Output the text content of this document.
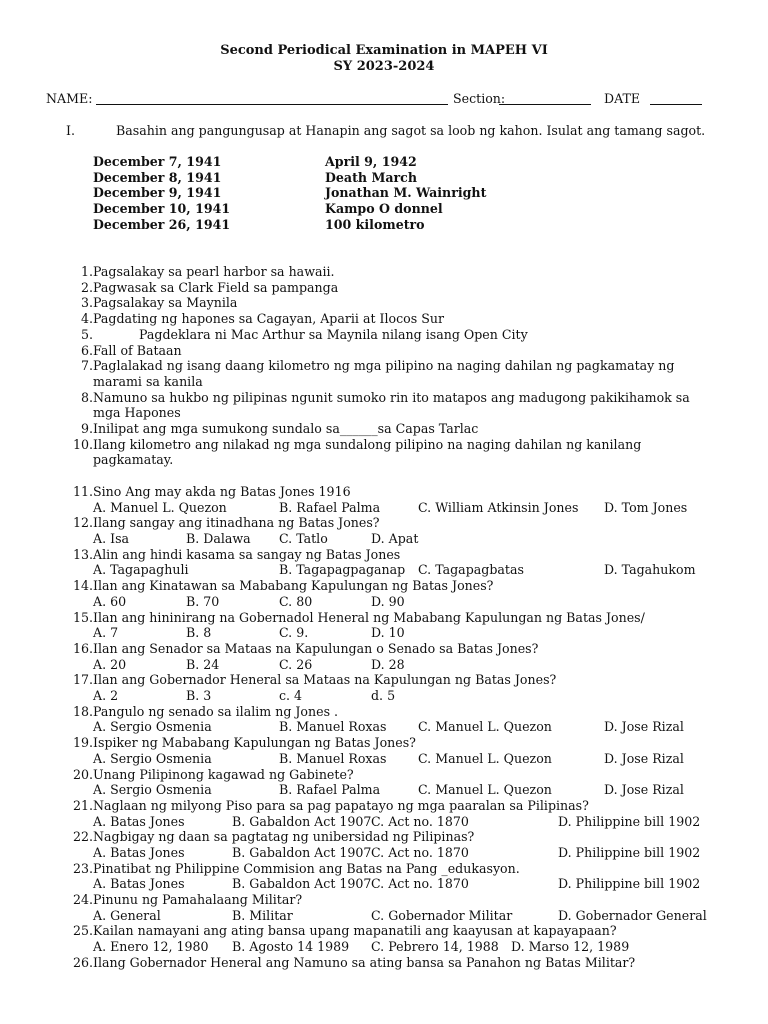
Second Periodical Examination in MAPEH VI
SY 2023-2024
NAME:	Section:	DATE
I.	Basahin ang pangungusap at Hanapin ang sagot sa loob ng kahon. Isulat ang tamang sagot.
December 7, 1941	April 9, 1942
December 8, 1941	Death March
December 9, 1941	Jonathan M. Wainright
December 10, 1941	Kampo O donnel
December 26, 1941	100 kilometro
1. Pagsalakay sa pearl harbor sa hawaii.
2. Pagwasak sa Clark Field sa pampanga
3. Pagsalakay sa Maynila
4. Pagdating ng hapones sa Cagayan, Aparii at Ilocos Sur
5.	Pagdeklara ni Mac Arthur sa Maynila nilang isang Open City
6. Fall of Bataan
7. Paglalakad ng isang daang kilometro ng mga pilipino na naging dahilan ng pagkamatay ng marami sa kanila
8. Namuno sa hukbo ng pilipinas ngunit sumoko rin ito matapos ang madugong pakikihamok sa mga Hapones
9. Inilipat ang mga sumukong sundalo sa______sa Capas Tarlac
10. Ilang kilometro ang nilakad ng mga sundalong pilipino na naging dahilan ng kanilang pagkamatay.
11. Sino Ang may akda ng Batas Jones 1916
A. Manuel L. Quezon	B. Rafael Palma	C. William Atkinsin Jones D. Tom Jones
12. Ilang sangay ang itinadhana ng Batas Jones?
A. Isa	B. Dalawa C. Tatlo	D. Apat
13. Alin ang hindi kasama sa sangay ng Batas Jones
A. Tagapaghuli	B. Tagapagpaganap C. Tagapagbatas	D. Tagahukom
14. Ilan ang Kinatawan sa Mababang Kapulungan ng Batas Jones?
A. 60	B. 70	C. 80	D. 90
15. Ilan ang hininirang na Gobernadol Heneral ng Mababang Kapulungan ng Batas Jones/
A. 7	B. 8	C. 9.	D. 10
16. Ilan ang Senador sa Mataas na Kapulungan o Senado sa Batas Jones?
A. 20	B. 24	C. 26	D. 28
17. Ilan ang Gobernador Heneral sa Mataas na Kapulungan ng Batas Jones?
A. 2	B. 3	c. 4	d. 5
18. Pangulo ng senado sa ilalim ng Jones .
A. Sergio Osmenia	B. Manuel Roxas C. Manuel L. Quezon	D. Jose Rizal
19. Ispiker ng Mababang Kapulungan ng Batas Jones?
A. Sergio Osmenia	B. Manuel Roxas C. Manuel L. Quezon	D. Jose Rizal
20. Unang Pilipinong kagawad ng Gabinete?
A. Sergio Osmenia	B. Rafael Palma	C. Manuel L. Quezon	D. Jose Rizal
21. Naglaan ng milyong Piso para sa pag papatayo ng mga paaralan sa Pilipinas?
A. Batas Jones	B. Gabaldon Act 1907 C. Act no. 1870	D. Philippine bill 1902
22. Nagbigay ng daan sa pagtatag ng unibersidad ng Pilipinas?
A. Batas Jones	B. Gabaldon Act 1907 C. Act no. 1870	D. Philippine bill 1902
23. Pinatibat ng Philippine Commision ang Batas na Pang _edukasyon.
A. Batas Jones	B. Gabaldon Act 1907 C. Act no. 1870	D. Philippine bill 1902
24. Pinunu ng Pamahalaang Militar?
A. General	B. Militar	C. Gobernador Militar	D. Gobernador General
25. Kailan namayani ang ating bansa upang mapanatili ang kaayusan at kapayapaan?
A. Enero 12, 1980 B. Agosto 14 1989 C. Pebrero 14, 1988 D. Marso 12, 1989
26. Ilang Gobernador Heneral ang Namuno sa ating bansa sa Panahon ng Batas Militar?
